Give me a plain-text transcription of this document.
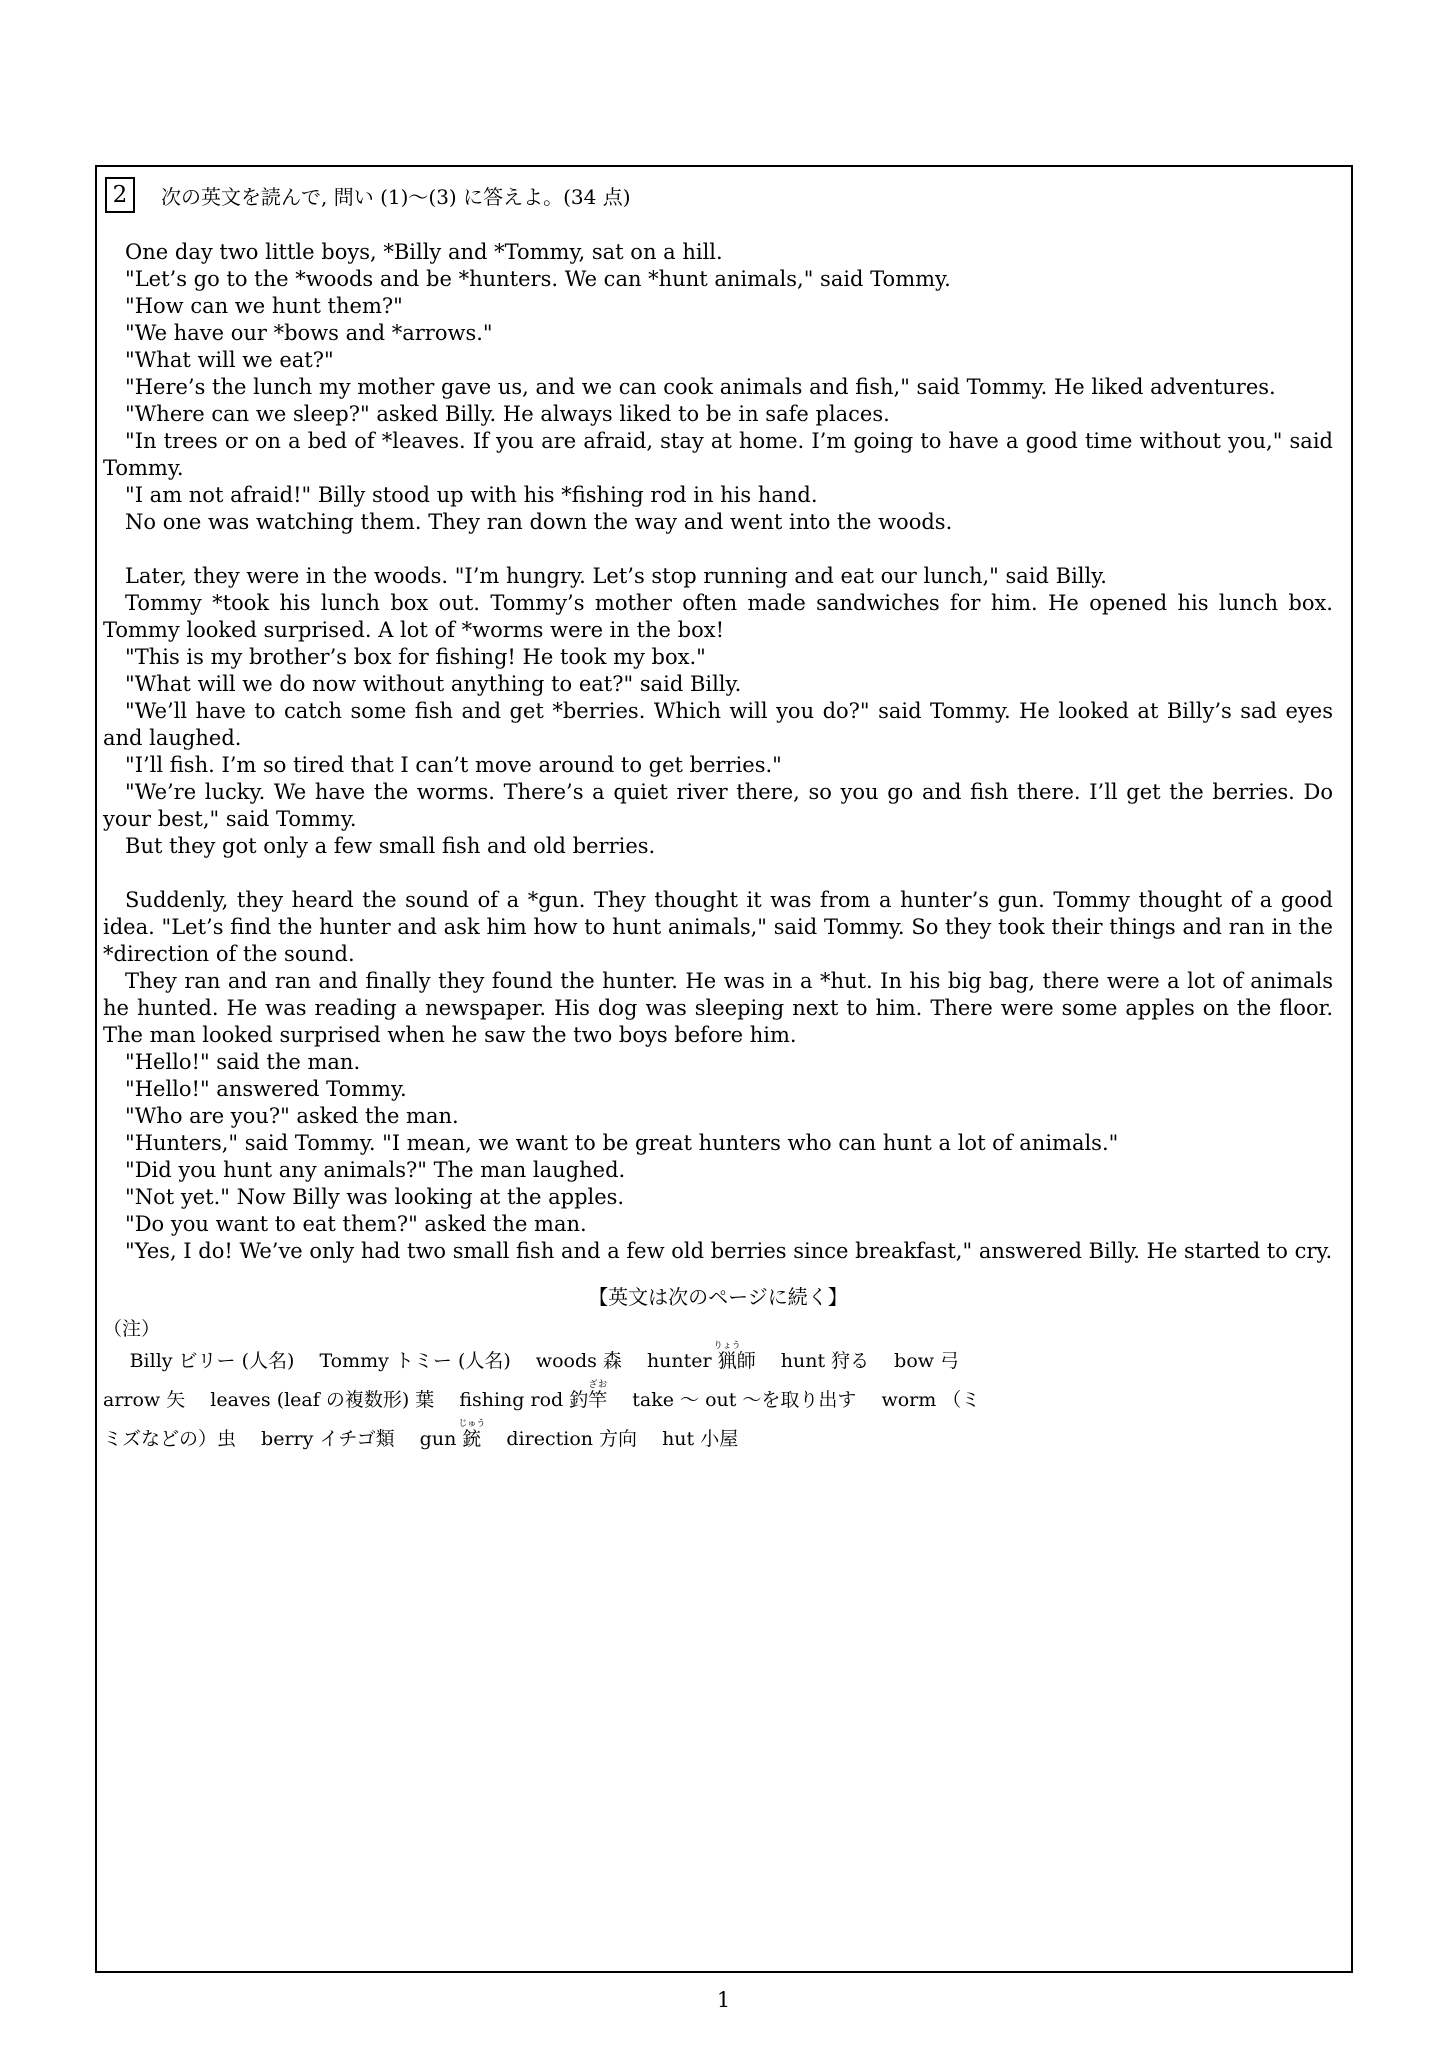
2 次の英文を読んで, 問い (1)～(3) に答えよ。(34 点)

One day two little boys, *Billy and *Tommy, sat on a hill.

"Let’s go to the *woods and be *hunters. We can *hunt animals," said Tommy.

"How can we hunt them?"

"We have our *bows and *arrows."

"What will we eat?"

"Here’s the lunch my mother gave us, and we can cook animals and fish," said Tommy. He liked adventures.

"Where can we sleep?" asked Billy. He always liked to be in safe places.

"In trees or on a bed of *leaves. If you are afraid, stay at home. I’m going to have a good time without you," said Tommy.

"I am not afraid!" Billy stood up with his *fishing rod in his hand.

No one was watching them. They ran down the way and went into the woods.

Later, they were in the woods. "I’m hungry. Let’s stop running and eat our lunch," said Billy.

Tommy *took his lunch box out. Tommy’s mother often made sandwiches for him. He opened his lunch box. Tommy looked surprised. A lot of *worms were in the box!

"This is my brother’s box for fishing! He took my box."

"What will we do now without anything to eat?" said Billy.

"We’ll have to catch some fish and get *berries. Which will you do?" said Tommy. He looked at Billy’s sad eyes and laughed.

"I’ll fish. I’m so tired that I can’t move around to get berries."

"We’re lucky. We have the worms. There’s a quiet river there, so you go and fish there. I’ll get the berries. Do your best," said Tommy.

But they got only a few small fish and old berries.

Suddenly, they heard the sound of a *gun. They thought it was from a hunter’s gun. Tommy thought of a good idea. "Let’s find the hunter and ask him how to hunt animals," said Tommy. So they took their things and ran in the *direction of the sound.

They ran and ran and finally they found the hunter. He was in a *hut. In his big bag, there were a lot of animals he hunted. He was reading a newspaper. His dog was sleeping next to him. There were some apples on the floor. The man looked surprised when he saw the two boys before him.

"Hello!" said the man.

"Hello!" answered Tommy.

"Who are you?" asked the man.

"Hunters," said Tommy. "I mean, we want to be great hunters who can hunt a lot of animals."

"Did you hunt any animals?" The man laughed.

"Not yet." Now Billy was looking at the apples.

"Do you want to eat them?" asked the man.

"Yes, I do! We’ve only had two small fish and a few old berries since breakfast," answered Billy. He started to cry.

【英文は次のページに続く】
（注）
Billy ビリー (人名)　 Tommy トミー (人名)　 woods 森　 hunter 猟りょう師　 hunt 狩る　 bow 弓
arrow 矢　 leaves (leaf の複数形) 葉　 fishing rod 釣竿ざお　 take ～ out ～を取り出す　 worm （ミ
ミズなどの）虫　 berry イチゴ類　 gun 銃じゅう　 direction 方向　 hut 小屋
1
